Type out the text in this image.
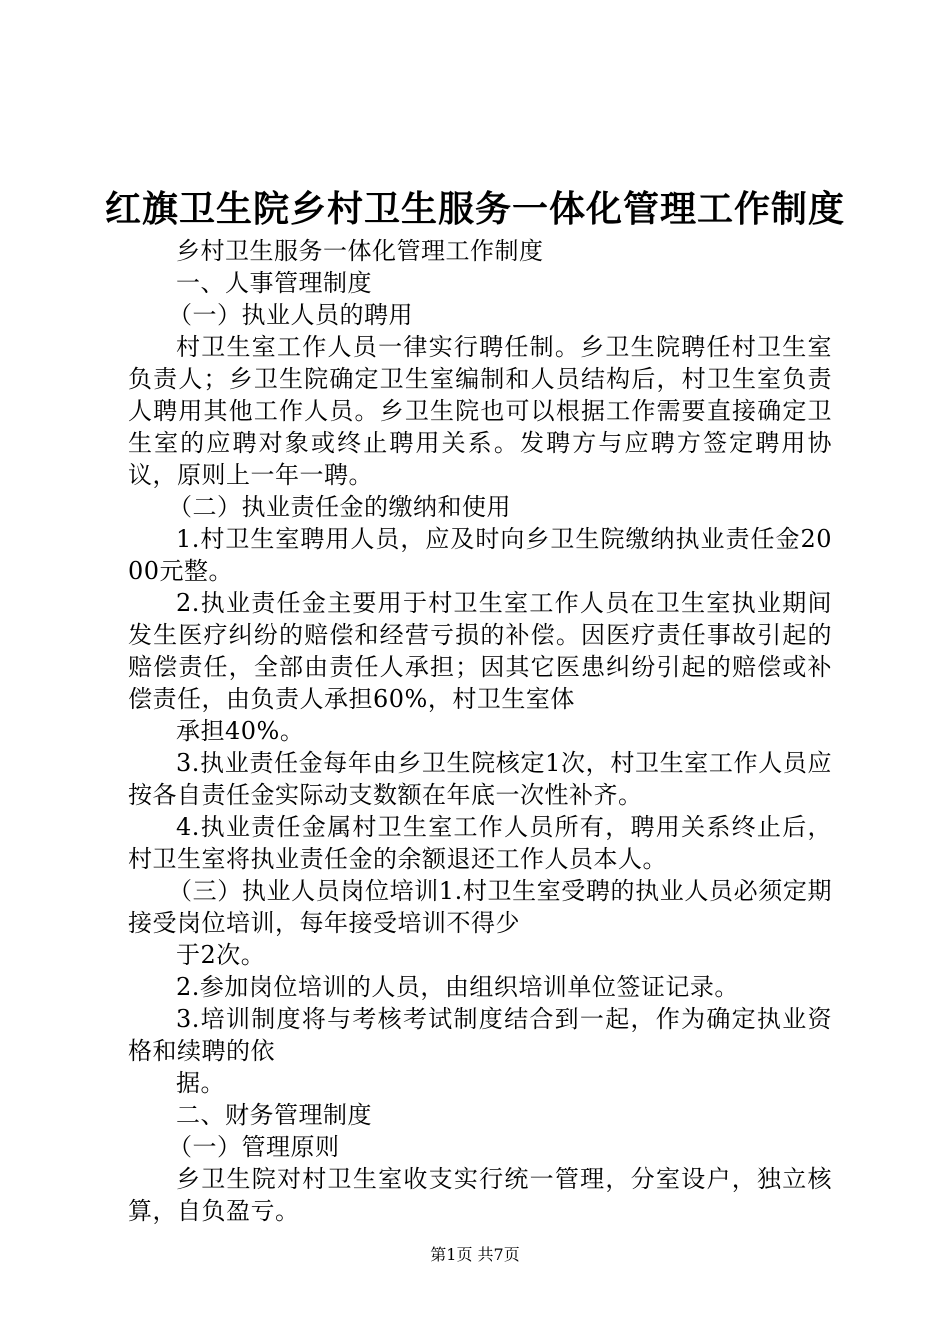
红旗卫生院乡村卫生服务一体化管理工作制度

乡村卫生服务一体化管理工作制度

一、人事管理制度

（一）执业人员的聘用

村卫生室工作人员一律实行聘任制。乡卫生院聘任村卫生室负责人；乡卫生院确定卫生室编制和人员结构后，村卫生室负责人聘用其他工作人员。乡卫生院也可以根据工作需要直接确定卫生室的应聘对象或终止聘用关系。发聘方与应聘方签定聘用协议，原则上一年一聘。

（二）执业责任金的缴纳和使用

1.村卫生室聘用人员，应及时向乡卫生院缴纳执业责任金2000元整。

2.执业责任金主要用于村卫生室工作人员在卫生室执业期间发生医疗纠纷的赔偿和经营亏损的补偿。因医疗责任事故引起的赔偿责任，全部由责任人承担；因其它医患纠纷引起的赔偿或补偿责任，由负责人承担60%，村卫生室体

承担40%。

3.执业责任金每年由乡卫生院核定1次，村卫生室工作人员应按各自责任金实际动支数额在年底一次性补齐。

4.执业责任金属村卫生室工作人员所有，聘用关系终止后，村卫生室将执业责任金的余额退还工作人员本人。

（三）执业人员岗位培训1.村卫生室受聘的执业人员必须定期接受岗位培训，每年接受培训不得少

于2次。

2.参加岗位培训的人员，由组织培训单位签证记录。

3.培训制度将与考核考试制度结合到一起，作为确定执业资格和续聘的依

据。

二、财务管理制度

（一）管理原则

乡卫生院对村卫生室收支实行统一管理，分室设户，独立核算，自负盈亏。

第1页 共7页
